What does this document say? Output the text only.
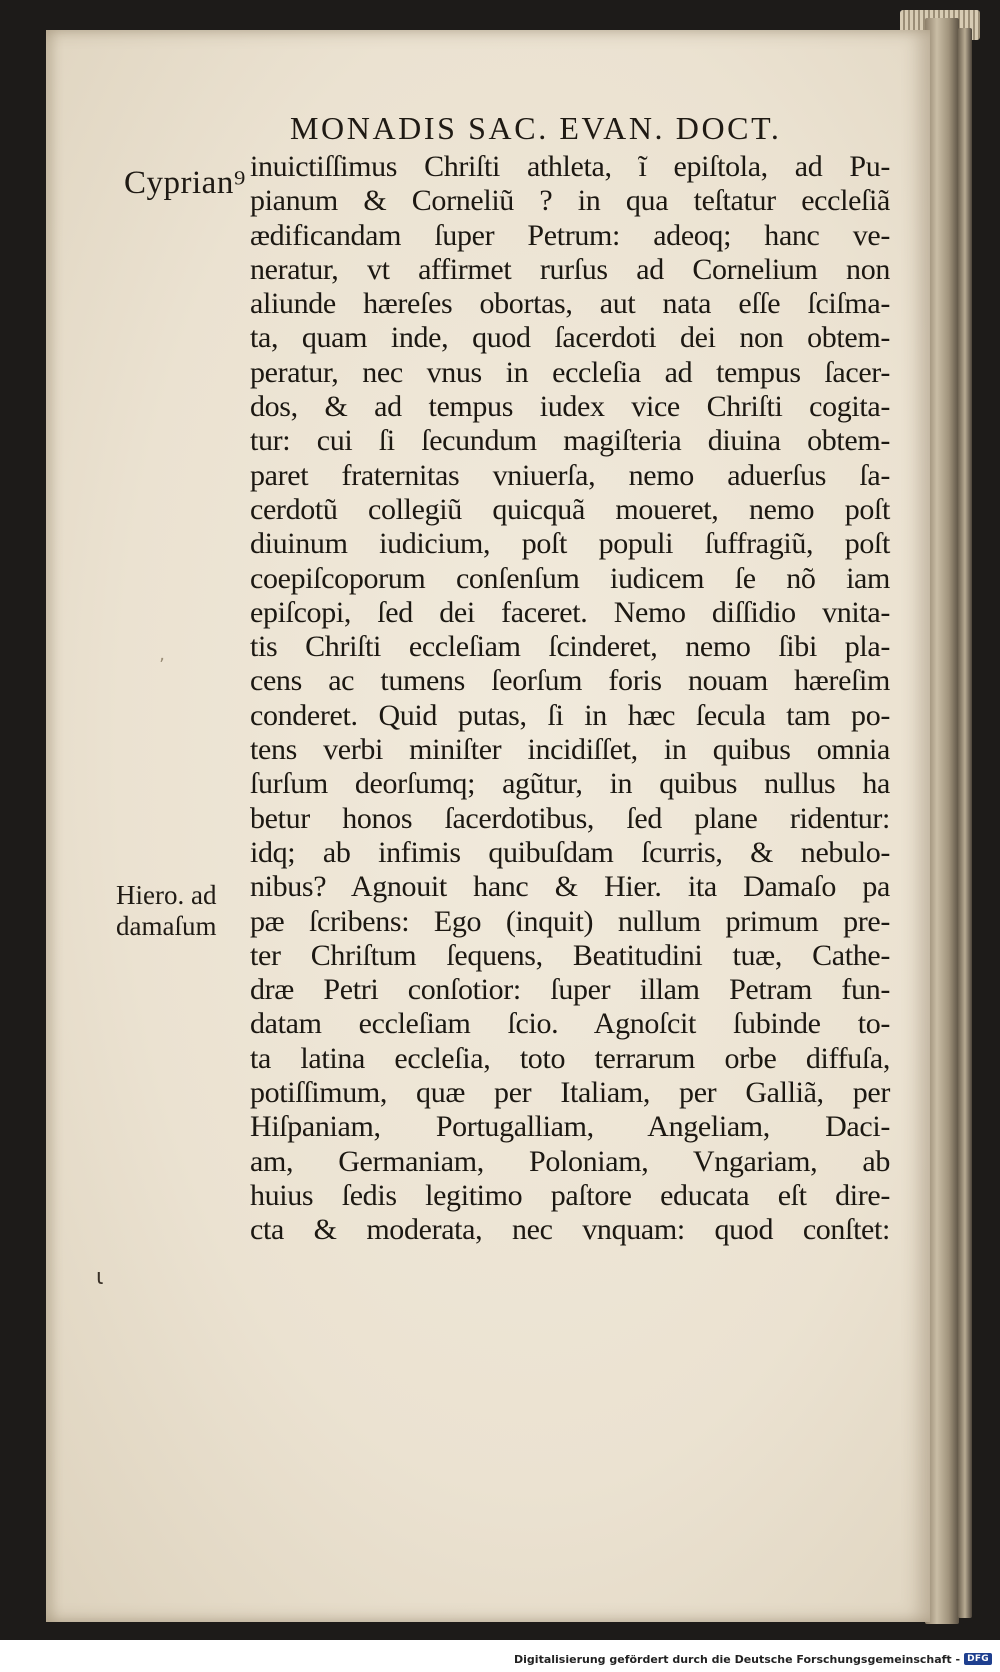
MONADIS SAC. EVAN. DOCT.
Cyprian⁹
Hiero. ad
damaſum
inuictiſſimus Chriſti athleta, ĩ epiſtola, ad Pu-
pianum & Corneliũ ? in qua teſtatur eccleſiã
ædificandam ſuper Petrum: adeoq; hanc ve-
neratur, vt affirmet rurſus ad Cornelium non
aliunde hæreſes obortas, aut nata eſſe ſciſma-
ta, quam inde, quod ſacerdoti dei non obtem-
peratur, nec vnus in eccleſia ad tempus ſacer-
dos, & ad tempus iudex vice Chriſti cogita-
tur: cui ſi ſecundum magiſteria diuina obtem-
paret fraternitas vniuerſa, nemo aduerſus ſa-
cerdotũ collegiũ quicquã moueret, nemo poſt
diuinum iudicium, poſt populi ſuffragiũ, poſt
coepiſcoporum conſenſum iudicem ſe nõ iam
epiſcopi, ſed dei faceret. Nemo diſſidio vnita-
tis Chriſti eccleſiam ſcinderet, nemo ſibi pla-
cens ac tumens ſeorſum foris nouam hæreſim
conderet. Quid putas, ſi in hæc ſecula tam po-
tens verbi miniſter incidiſſet, in quibus omnia
ſurſum deorſumq; agũtur, in quibus nullus ha
betur honos ſacerdotibus, ſed plane ridentur:
idq; ab infimis quibuſdam ſcurris, & nebulo-
nibus? Agnouit hanc & Hier. ita Damaſo pa
pæ ſcribens: Ego (inquit) nullum primum pre-
ter Chriſtum ſequens, Beatitudini tuæ, Cathe-
dræ Petri conſotior: ſuper illam Petram fun-
datam eccleſiam ſcio. Agnoſcit ſubinde to-
ta latina eccleſia, toto terrarum orbe diffuſa,
potiſſimum, quæ per Italiam, per Galliã, per
Hiſpaniam, Portugalliam, Angeliam, Daci-
am, Germaniam, Poloniam, Vngariam, ab
huius ſedis legitimo paſtore educata eſt dire-
cta & moderata, nec vnquam: quod conſtet:
ʼ
ɩ
Digitalisierung gefördert durch die Deutsche Forschungsgemeinschaft - DFG
